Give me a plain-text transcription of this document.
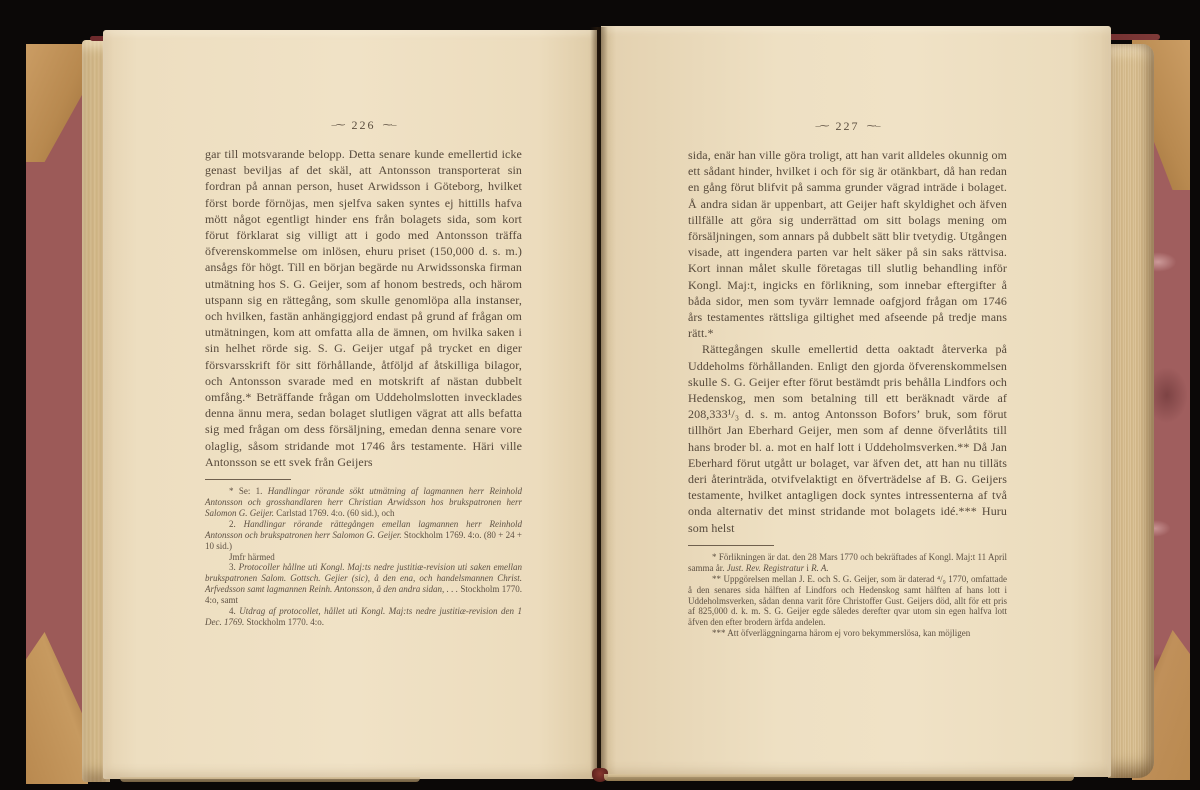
–⁓ 226 ⁓–

gar till motsvarande belopp. Detta senare kunde emellertid icke genast beviljas af det skäl, att Antonsson transporterat sin fordran på annan person, huset Arwidsson i Göteborg, hvilket först borde förnöjas, men sjelfva saken syntes ej hittills hafva mött något egentligt hinder ens från bolagets sida, som kort förut förklarat sig villigt att i godo med Antonsson träffa öfverenskommelse om inlösen, ehuru priset (150,000 d. s. m.) ansågs för högt. Till en början begärde nu Arwidssonska firman utmätning hos S. G. Geijer, som af honom bestreds, och härom utspann sig en rättegång, som skulle genomlöpa alla instanser, och hvilken, fastän anhängiggjord endast på grund af frågan om utmätningen, kom att omfatta alla de ämnen, om hvilka saken i sin helhet rörde sig. S. G. Geijer utgaf på trycket en diger försvarsskrift för sitt förhållande, åtföljd af åtskilliga bilagor, och Antonsson svarade med en motskrift af nästan dubbelt omfång.* Beträffande frågan om Uddeholmslotten invecklades denna ännu mera, sedan bolaget slutligen vägrat att alls befatta sig med frågan om dess försäljning, emedan denna senare vore olaglig, såsom stridande mot 1746 års testamente. Häri ville Antonsson se ett svek från Geijers

* Se: 1. Handlingar rörande sökt utmätning af lagmannen herr Reinhold Antonsson och grosshandlaren herr Christian Arwidsson hos brukspatronen herr Salomon G. Geijer. Carlstad 1769. 4:o. (60 sid.), och

2. Handlingar rörande rättegången emellan lagmannen herr Reinhold Antonsson och brukspatronen herr Salomon G. Geijer. Stockholm 1769. 4:o. (80 + 24 + 10 sid.)

Jmfr härmed

3. Protocoller hållne uti Kongl. Maj:ts nedre justitiæ-revision uti saken emellan brukspatronen Salom. Gottsch. Gejier (sic), å den ena, och handelsmannen Christ. Arfvedsson samt lagmannen Reinh. Antonsson, å den andra sidan, . . . Stockholm 1770. 4:o, samt

4. Utdrag af protocollet, hållet uti Kongl. Maj:ts nedre justitiæ-revision den 1 Dec. 1769. Stockholm 1770. 4:o.

–⁓ 227 ⁓–

sida, enär han ville göra troligt, att han varit alldeles okunnig om ett sådant hinder, hvilket i och för sig är otänkbart, då han redan en gång förut blifvit på samma grunder vägrad inträde i bolaget. Å andra sidan är uppenbart, att Geijer haft skyldighet och äfven tillfälle att göra sig underrättad om sitt bolags mening om försäljningen, som annars på dubbelt sätt blir tvetydig. Utgången visade, att ingendera parten var helt säker på sin saks rättvisa. Kort innan målet skulle företagas till slutlig behandling inför Kongl. Maj:t, ingicks en förlikning, som innebar eftergifter å båda sidor, men som tyvärr lemnade oafgjord frågan om 1746 års testamentes rättsliga giltighet med afseende på tredje mans rätt.*

Rättegången skulle emellertid detta oaktadt återverka på Uddeholms förhållanden. Enligt den gjorda öfverenskommelsen skulle S. G. Geijer efter förut bestämdt pris behålla Lindfors och Hedenskog, men som betalning till ett beräknadt värde af 208,333¹/₃ d. s. m. antog Antonsson Bofors’ bruk, som förut tillhört Jan Eberhard Geijer, men som af denne öfverlåtits till hans broder bl. a. mot en half lott i Uddeholmsverken.** Då Jan Eberhard förut utgått ur bolaget, var äfven det, att han nu tilläts deri återinträda, otvifvelaktigt en öfverträdelse af B. G. Geijers testamente, hvilket antagligen dock syntes intressenterna af två onda alternativ det minst stridande mot bolagets idé.*** Huru som helst

* Förlikningen är dat. den 28 Mars 1770 och bekräftades af Kongl. Maj:t 11 April samma år. Just. Rev. Registratur i R. A.

** Uppgörelsen mellan J. E. och S. G. Geijer, som är daterad ⁴/₉ 1770, omfattade å den senares sida hälften af Lindfors och Hedenskog samt hälften af hans lott i Uddeholmsverken, sådan denna varit före Christoffer Gust. Geijers död, allt för ett pris af 825,000 d. k. m. S. G. Geijer egde således derefter qvar utom sin egen halfva lott äfven den efter brodern ärfda andelen.

*** Att öfverläggningarna härom ej voro bekymmerslösa, kan möjligen
